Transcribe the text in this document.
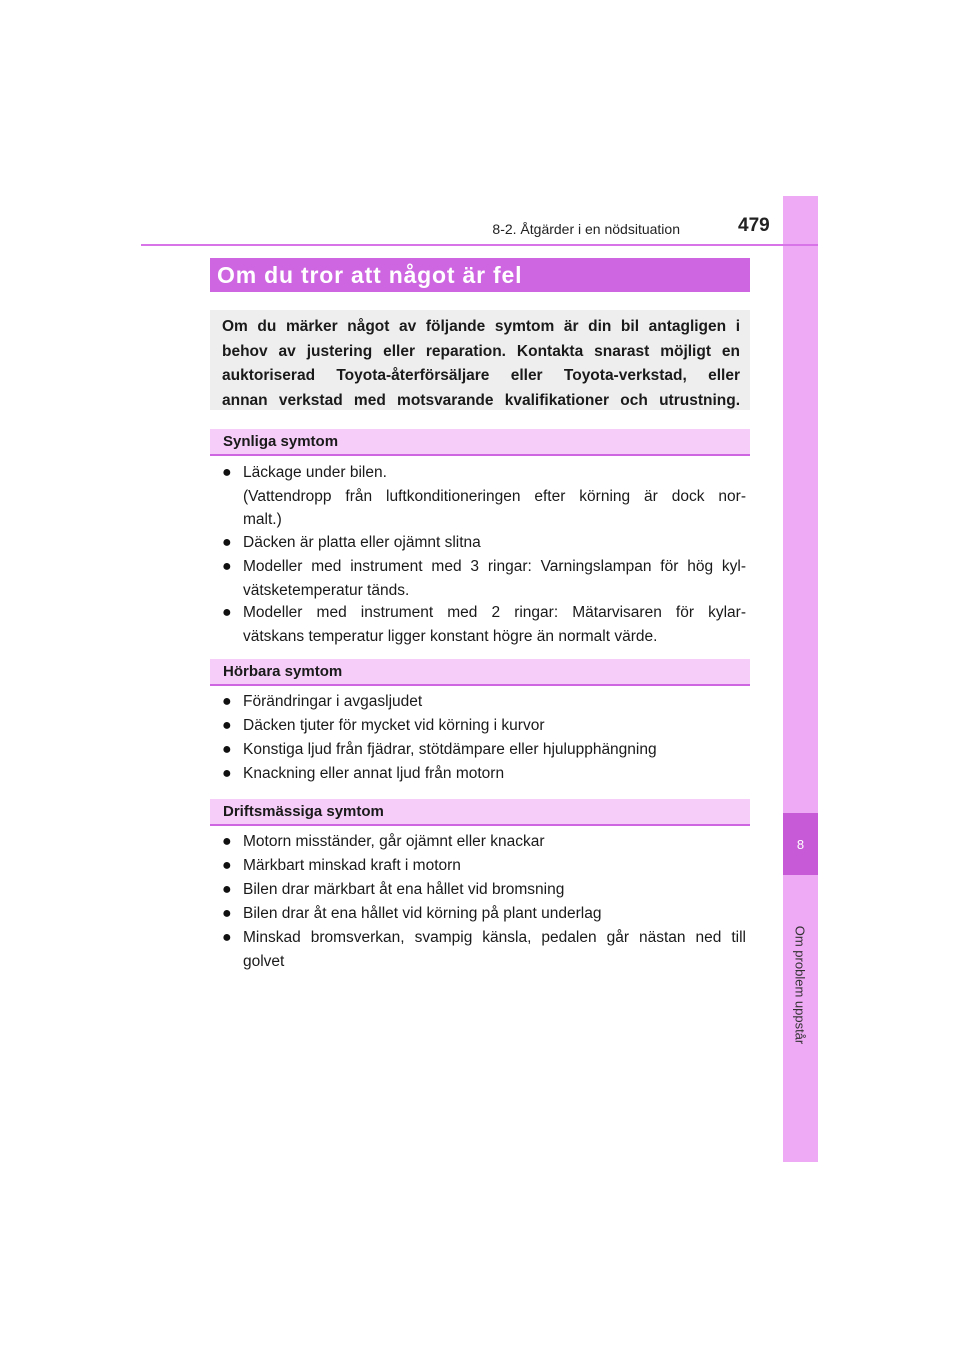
8
Om problem uppstår
8-2. Åtgärder i en nödsituation	479
Om du tror att något är fel
Om du märker något av följande symtom är din bil antagligen i
behov av justering eller reparation. Kontakta snarast möjligt en
auktoriserad Toyota-återförsäljare eller Toyota-verkstad, eller
annan verkstad med motsvarande kvalifikationer och utrustning.
Synliga symtom
● Läckage under bilen.
(Vattendropp från luftkonditioneringen efter körning är dock nor-
malt.)
● Däcken är platta eller ojämnt slitna
● Modeller med instrument med 3 ringar: Varningslampan för hög kyl-
vätsketemperatur tänds.
● Modeller med instrument med 2 ringar: Mätarvisaren för kylar-
vätskans temperatur ligger konstant högre än normalt värde.
Hörbara symtom
● Förändringar i avgasljudet
● Däcken tjuter för mycket vid körning i kurvor
● Konstiga ljud från fjädrar, stötdämpare eller hjulupphängning
● Knackning eller annat ljud från motorn
Driftsmässiga symtom
● Motorn misständer, går ojämnt eller knackar
● Märkbart minskad kraft i motorn
● Bilen drar märkbart åt ena hållet vid bromsning
● Bilen drar åt ena hållet vid körning på plant underlag
● Minskad bromsverkan, svampig känsla, pedalen går nästan ned till
golvet
